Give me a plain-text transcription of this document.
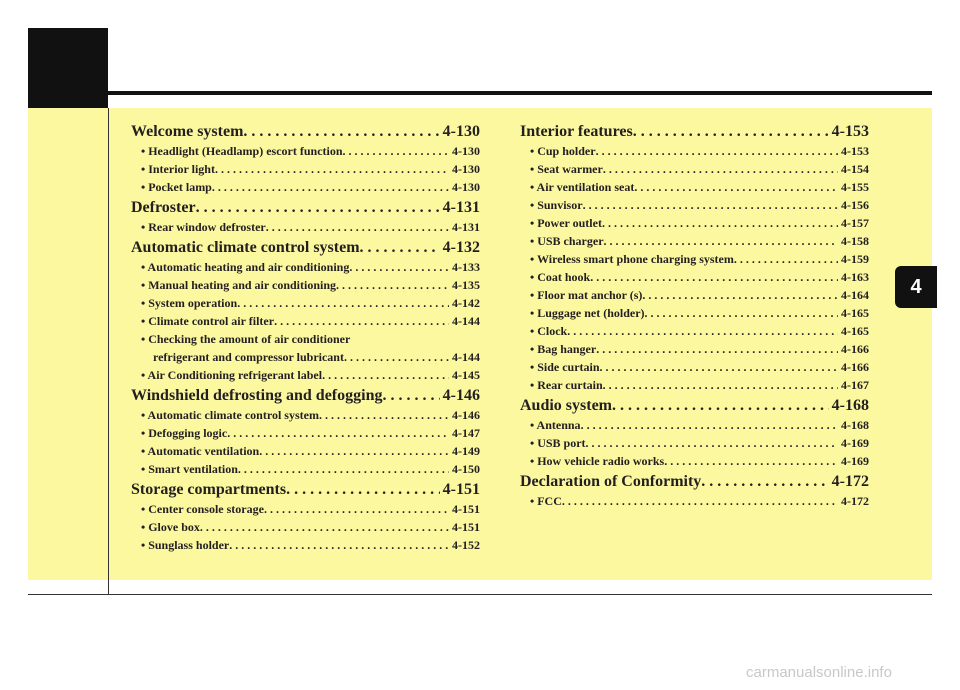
4
Welcome system . . .	4-130
• Headlight (Headlamp) escort function . . .	4-130
• Interior light . . .	4-130
• Pocket lamp . . .	4-130
Defroster . . .	4-131
• Rear window defroster . . .	4-131
Automatic climate control system . . .	4-132
• Automatic heating and air conditioning . . .	4-133
• Manual heating and air conditioning . . .	4-135
• System operation . . .	4-142
• Climate control air filter . . .	4-144
• Checking the amount of air conditioner
refrigerant and compressor lubricant . . .	4-144
• Air Conditioning refrigerant label . . .	4-145
Windshield defrosting and defogging . . .	4-146
• Automatic climate control system . . .	4-146
• Defogging logic . . .	4-147
• Automatic ventilation . . .	4-149
• Smart ventilation . . .	4-150
Storage compartments . . .	4-151
• Center console storage . . .	4-151
• Glove box . . .	4-151
• Sunglass holder . . .	4-152
Interior features . . .	4-153
• Cup holder . . .	4-153
• Seat warmer . . .	4-154
• Air ventilation seat . . .	4-155
• Sunvisor . . .	4-156
• Power outlet . . .	4-157
• USB charger . . .	4-158
• Wireless smart phone charging system . . .	4-159
• Coat hook . . .	4-163
• Floor mat anchor (s) . . .	4-164
• Luggage net (holder) . . .	4-165
• Clock . . .	4-165
• Bag hanger . . .	4-166
• Side curtain . . .	4-166
• Rear curtain . . .	4-167
Audio system . . .	4-168
• Antenna . . .	4-168
• USB port . . .	4-169
• How vehicle radio works . . .	4-169
Declaration of Conformity . . .	4-172
• FCC . . .	4-172
carmanualsonline.info
